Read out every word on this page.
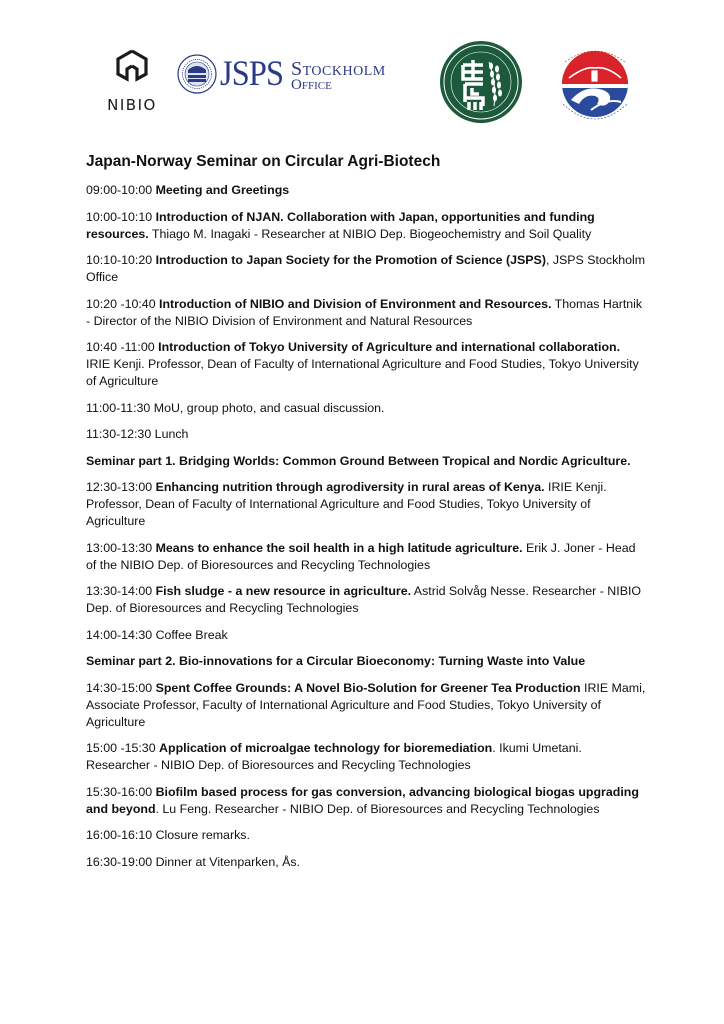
NIBIO
JSPS Stockholm
Office
Japan-Norway Seminar on Circular Agri-Biotech
09:00-10:00 Meeting and Greetings
10:00-10:10 Introduction of NJAN. Collaboration with Japan, opportunities and funding resources. Thiago M. Inagaki - Researcher at NIBIO Dep. Biogeochemistry and Soil Quality
10:10-10:20 Introduction to Japan Society for the Promotion of Science (JSPS), JSPS Stockholm Office
10:20 -10:40 Introduction of NIBIO and Division of Environment and Resources. Thomas Hartnik - Director of the NIBIO Division of Environment and Natural Resources
10:40 -11:00 Introduction of Tokyo University of Agriculture and international collaboration. IRIE Kenji. Professor, Dean of Faculty of International Agriculture and Food Studies, Tokyo University of Agriculture
11:00-11:30 MoU, group photo, and casual discussion.
11:30-12:30 Lunch
Seminar part 1. Bridging Worlds: Common Ground Between Tropical and Nordic Agriculture.
12:30-13:00 Enhancing nutrition through agrodiversity in rural areas of Kenya. IRIE Kenji. Professor, Dean of Faculty of International Agriculture and Food Studies, Tokyo University of Agriculture
13:00-13:30 Means to enhance the soil health in a high latitude agriculture. Erik J. Joner - Head of the NIBIO Dep. of Bioresources and Recycling Technologies
13:30-14:00 Fish sludge - a new resource in agriculture. Astrid Solvåg Nesse. Researcher - NIBIO Dep. of Bioresources and Recycling Technologies
14:00-14:30 Coffee Break
Seminar part 2. Bio-innovations for a Circular Bioeconomy: Turning Waste into Value
14:30-15:00 Spent Coffee Grounds: A Novel Bio-Solution for Greener Tea Production IRIE Mami, Associate Professor, Faculty of International Agriculture and Food Studies, Tokyo University of Agriculture
15:00 -15:30 Application of microalgae technology for bioremediation. Ikumi Umetani. Researcher - NIBIO Dep. of Bioresources and Recycling Technologies
15:30-16:00 Biofilm based process for gas conversion, advancing biological biogas upgrading and beyond. Lu Feng. Researcher - NIBIO Dep. of Bioresources and Recycling Technologies
16:00-16:10 Closure remarks.
16:30-19:00 Dinner at Vitenparken, Ås.
